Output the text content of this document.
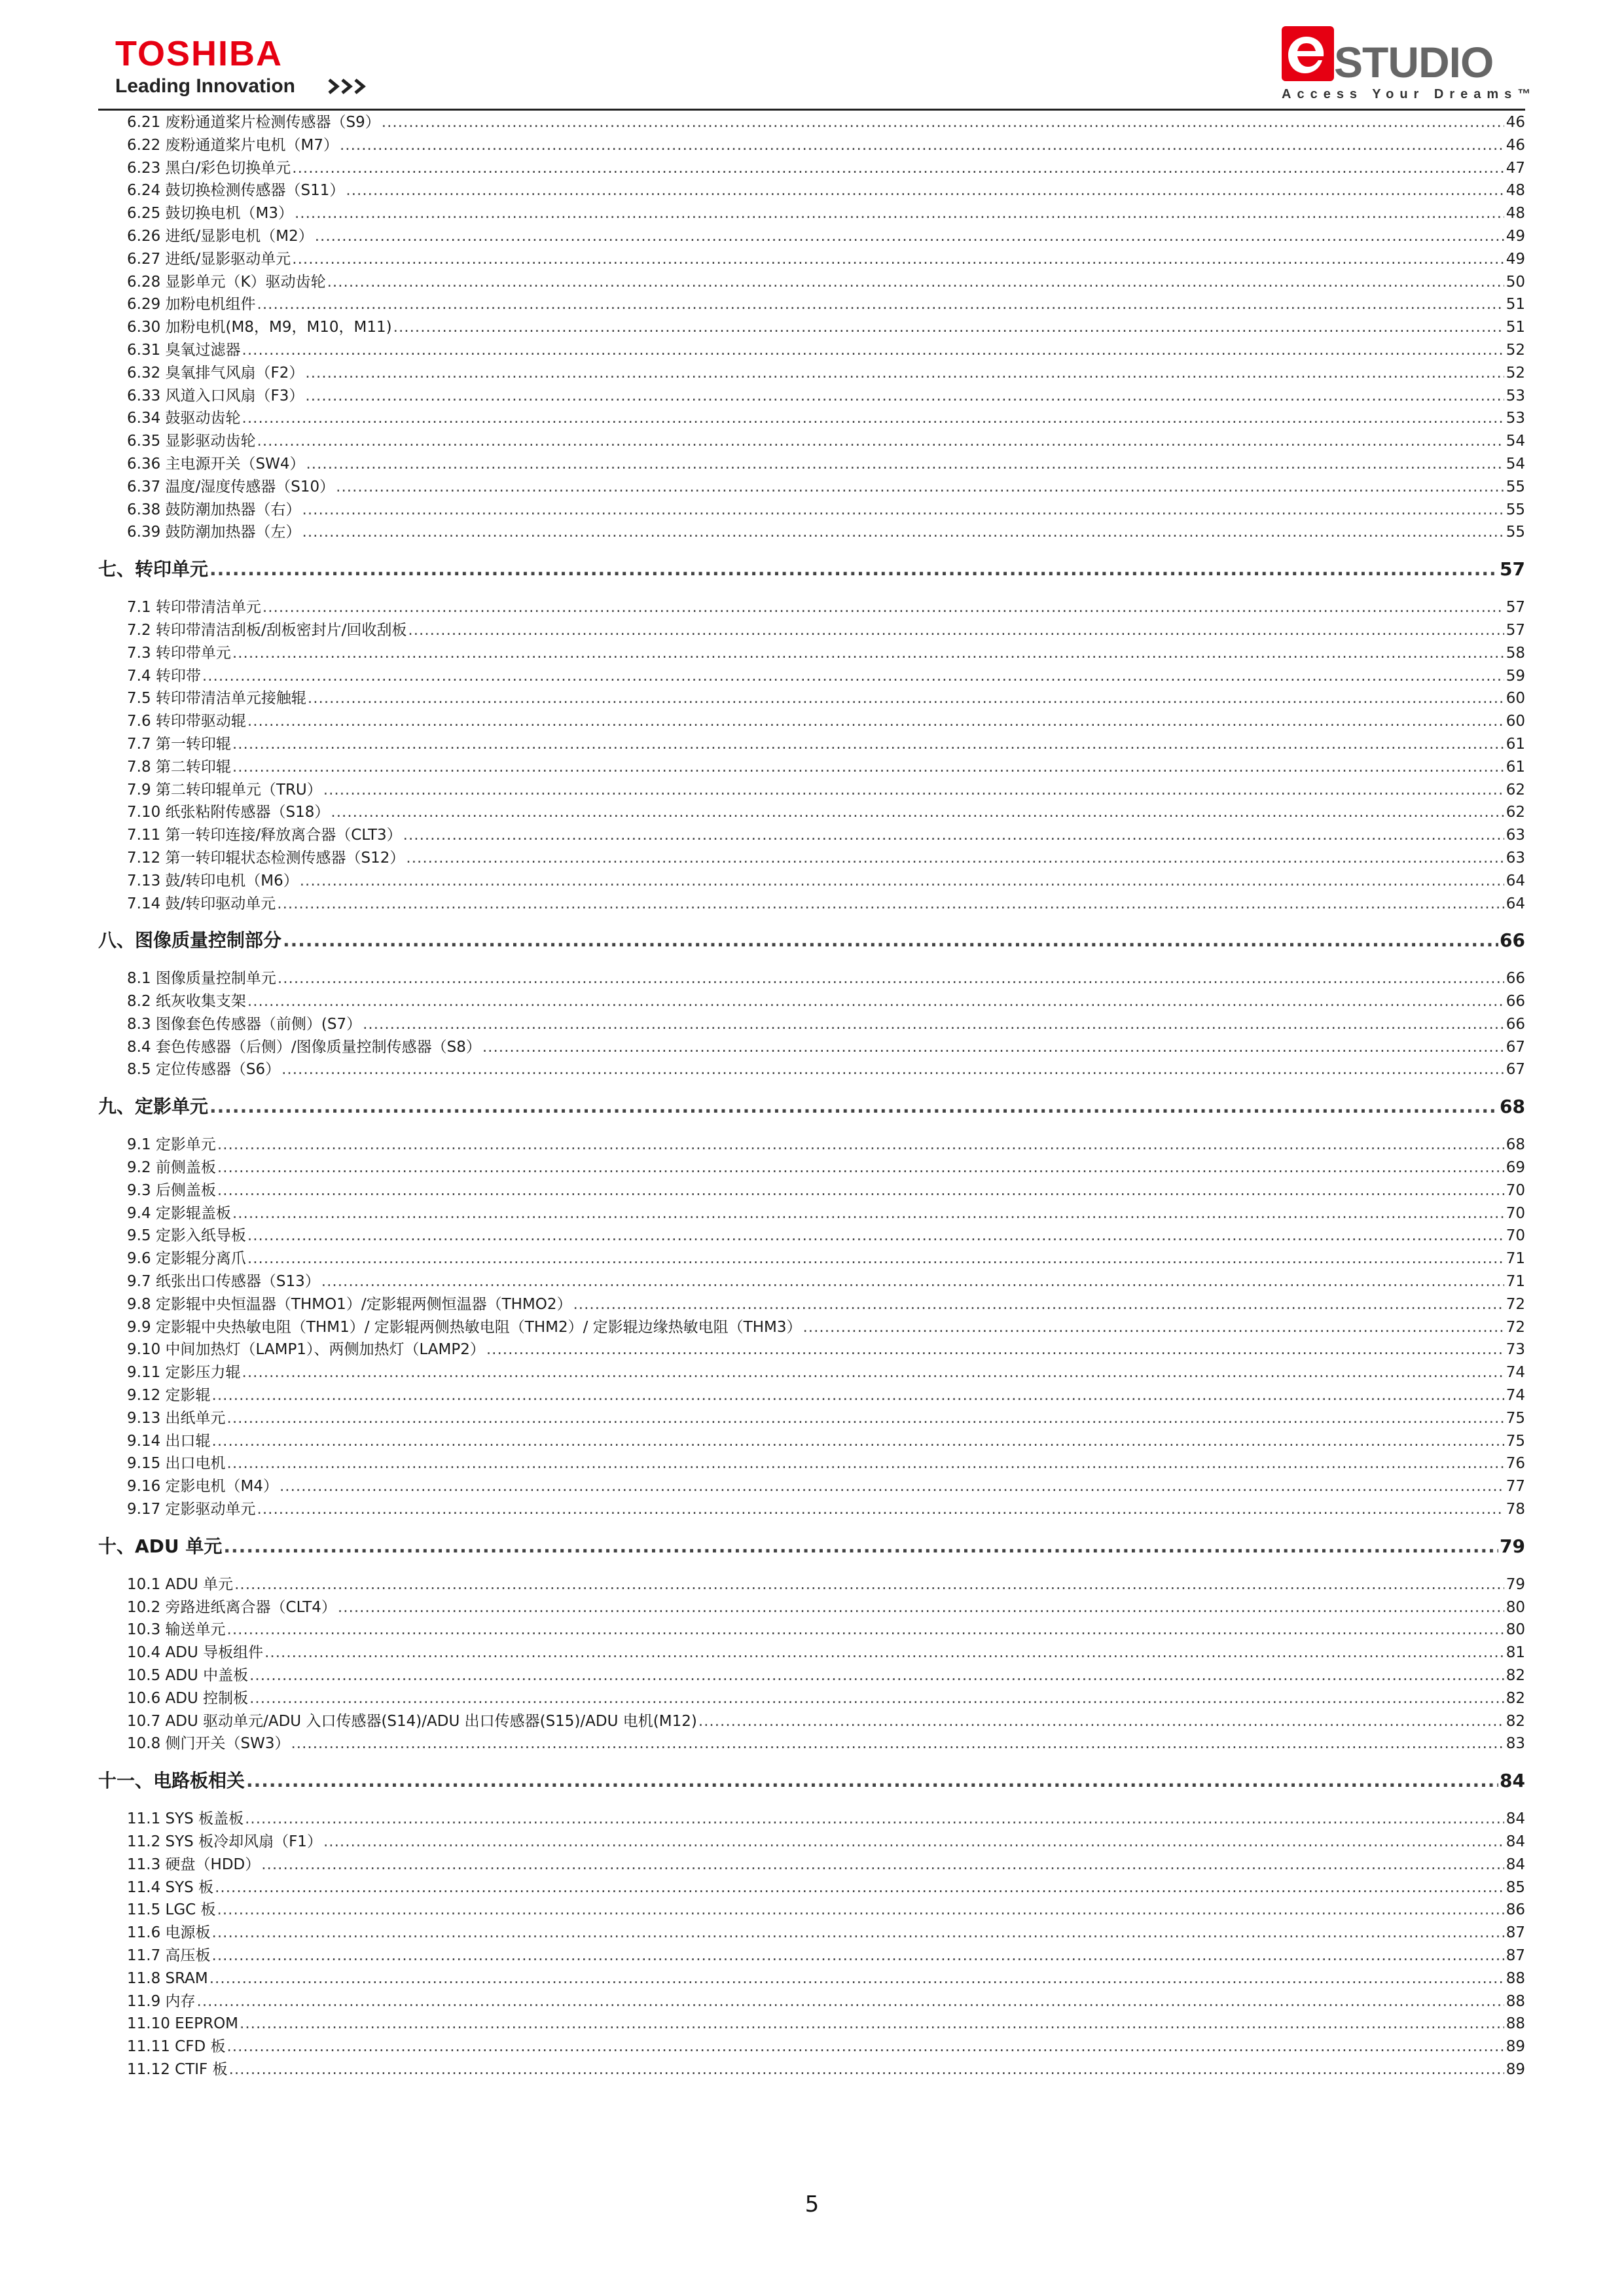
TOSHIBA
Leading Innovation	STUDIO
Access Your Dreams™
6.21 废粉通道桨片检测传感器（S9） .....	46
6.22 废粉通道桨片电机（M7） .....	46
6.23 黑白/彩色切换单元 .....	47
6.24 鼓切换检测传感器（S11） .....	48
6.25 鼓切换电机（M3） .....	48
6.26 进纸/显影电机（M2） .....	49
6.27 进纸/显影驱动单元 .....	49
6.28 显影单元（K）驱动齿轮 .....	50
6.29 加粉电机组件 .....	51
6.30 加粉电机(M8，M9，M10，M11) .....	51
6.31 臭氧过滤器 .....	52
6.32 臭氧排气风扇（F2） .....	52
6.33 风道入口风扇（F3） .....	53
6.34 鼓驱动齿轮 .....	53
6.35 显影驱动齿轮 .....	54
6.36 主电源开关（SW4） .....	54
6.37 温度/湿度传感器（S10） .....	55
6.38 鼓防潮加热器（右） .....	55
6.39 鼓防潮加热器（左） .....	55
七、转印单元 .....	57
7.1 转印带清洁单元 .....	57
7.2 转印带清洁刮板/刮板密封片/回收刮板 .....	57
7.3 转印带单元 .....	58
7.4 转印带 .....	59
7.5 转印带清洁单元接触辊 .....	60
7.6 转印带驱动辊 .....	60
7.7 第一转印辊 .....	61
7.8 第二转印辊 .....	61
7.9 第二转印辊单元（TRU） .....	62
7.10 纸张粘附传感器（S18） .....	62
7.11 第一转印连接/释放离合器（CLT3） .....	63
7.12 第一转印辊状态检测传感器（S12） .....	63
7.13 鼓/转印电机（M6） .....	64
7.14 鼓/转印驱动单元 .....	64
八、图像质量控制部分 .....	66
8.1 图像质量控制单元 .....	66
8.2 纸灰收集支架 .....	66
8.3 图像套色传感器（前侧）(S7） .....	66
8.4 套色传感器（后侧）/图像质量控制传感器（S8） .....	67
8.5 定位传感器（S6） .....	67
九、定影单元 .....	68
9.1 定影单元 .....	68
9.2 前侧盖板 .....	69
9.3 后侧盖板 .....	70
9.4 定影辊盖板 .....	70
9.5 定影入纸导板 .....	70
9.6 定影辊分离爪 .....	71
9.7 纸张出口传感器（S13） .....	71
9.8 定影辊中央恒温器（THMO1）/定影辊两侧恒温器（THMO2） .....	72
9.9 定影辊中央热敏电阻（THM1）/ 定影辊两侧热敏电阻（THM2）/ 定影辊边缘热敏电阻（THM3） .....	72
9.10 中间加热灯（LAMP1）、两侧加热灯（LAMP2） .....	73
9.11 定影压力辊 .....	74
9.12 定影辊 .....	74
9.13 出纸单元 .....	75
9.14 出口辊 .....	75
9.15 出口电机 .....	76
9.16 定影电机（M4） .....	77
9.17 定影驱动单元 .....	78
十、ADU 单元 .....	79
10.1 ADU 单元 .....	79
10.2 旁路进纸离合器（CLT4） .....	80
10.3 输送单元 .....	80
10.4 ADU 导板组件 .....	81
10.5 ADU 中盖板 .....	82
10.6 ADU 控制板 .....	82
10.7 ADU 驱动单元/ADU 入口传感器(S14)/ADU 出口传感器(S15)/ADU 电机(M12) .....	82
10.8 侧门开关（SW3） .....	83
十一、电路板相关 .....	84
11.1 SYS 板盖板 .....	84
11.2 SYS 板冷却风扇（F1） .....	84
11.3 硬盘（HDD） .....	84
11.4 SYS 板 .....	85
11.5 LGC 板 .....	86
11.6 电源板 .....	87
11.7 高压板 .....	87
11.8 SRAM .....	88
11.9 内存 .....	88
11.10 EEPROM .....	88
11.11 CFD 板 .....	89
11.12 CTIF 板 .....	89
5
